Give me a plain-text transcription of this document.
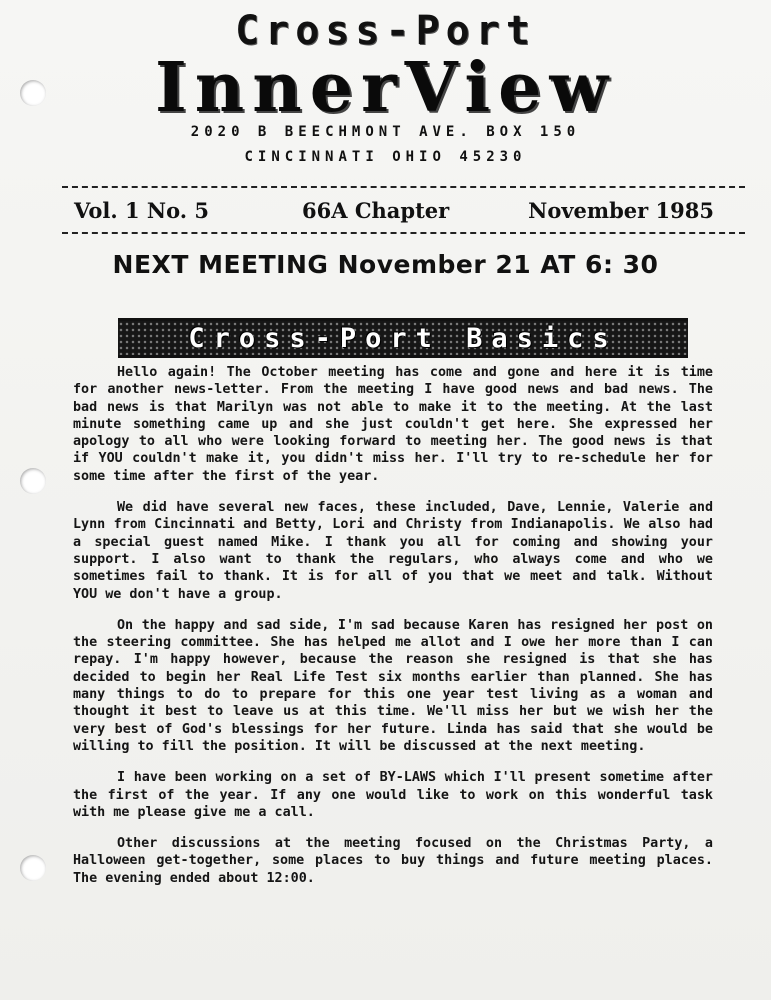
Cross-Port
InnerView
2020 B BEECHMONT AVE. BOX 150
CINCINNATI OHIO 45230
Vol. 1 No. 5	66A Chapter	November 1985
NEXT MEETING November 21 AT 6: 30
Cross-Port Basics

Hello again! The October meeting has come and gone and here it is time for another news-letter. From the meeting I have good news and bad news. The bad news is that Marilyn was not able to make it to the meeting. At the last minute something came up and she just couldn't get here. She expressed her apology to all who were looking forward to meeting her. The good news is that if YOU couldn't make it, you didn't miss her. I'll try to re-schedule her for some time after the first of the year.

We did have several new faces, these included, Dave, Lennie, Valerie and Lynn from Cincinnati and Betty, Lori and Christy from Indianapolis. We also had a special guest named Mike. I thank you all for coming and showing your support. I also want to thank the regulars, who always come and who we sometimes fail to thank. It is for all of you that we meet and talk. Without YOU we don't have a group.

On the happy and sad side, I'm sad because Karen has resigned her post on the steering committee. She has helped me allot and I owe her more than I can repay. I'm happy however, because the reason she resigned is that she has decided to begin her Real Life Test six months earlier than planned. She has many things to do to prepare for this one year test living as a woman and thought it best to leave us at this time. We'll miss her but we wish her the very best of God's blessings for her future. Linda has said that she would be willing to fill the position. It will be discussed at the next meeting.

I have been working on a set of BY-LAWS which I'll present sometime after the first of the year. If any one would like to work on this wonderful task with me please give me a call.

Other discussions at the meeting focused on the Christmas Party, a Halloween get-together, some places to buy things and future meeting places. The evening ended about 12:00.
